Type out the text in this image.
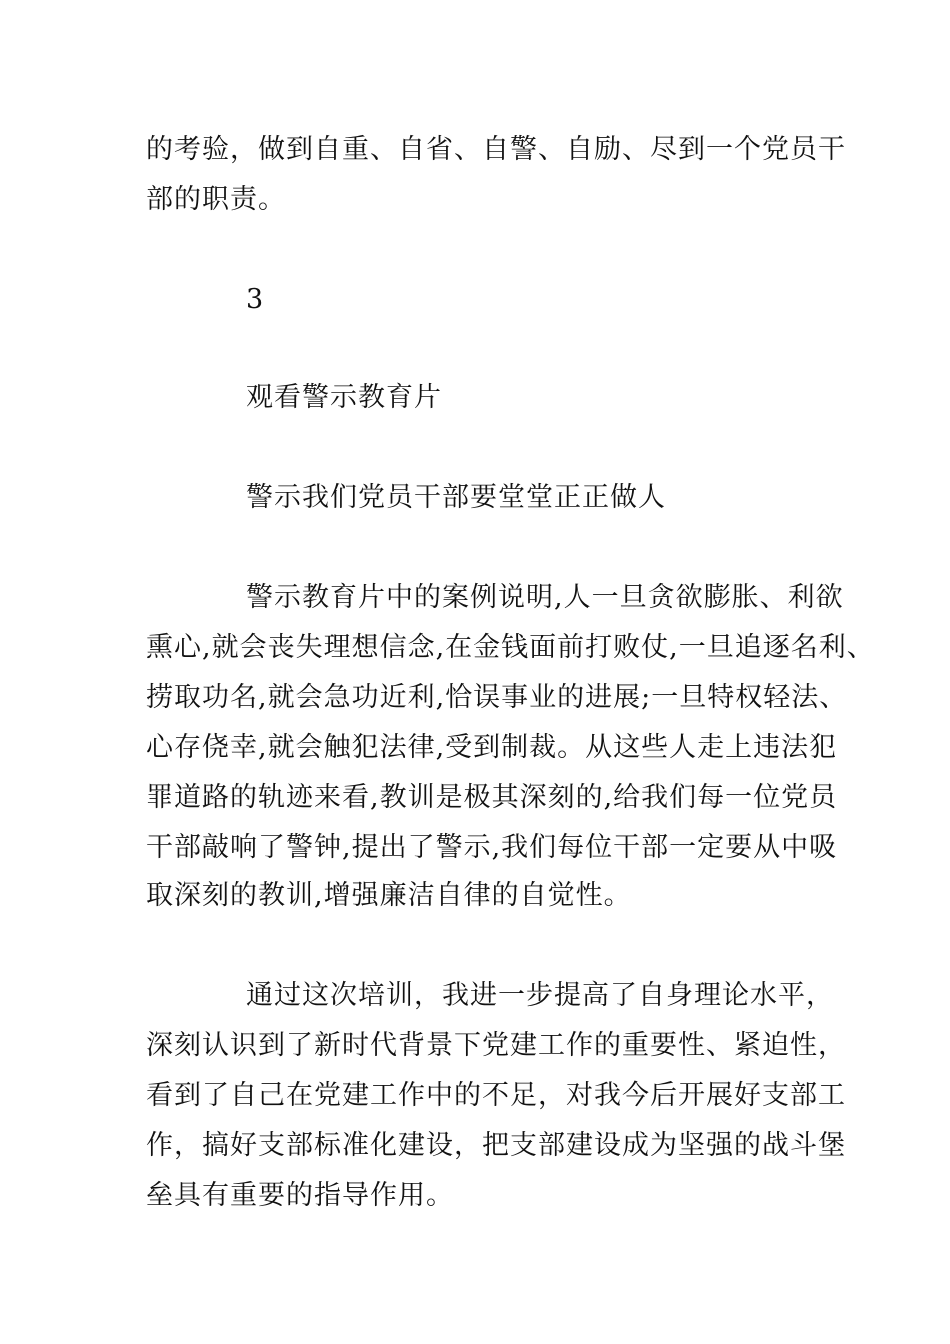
的考验，做到自重、自省、自警、自励、尽到一个党员干
部的职责。
3
观看警示教育片
警示我们党员干部要堂堂正正做人
警示教育片中的案例说明,人一旦贪欲膨胀、利欲
熏心,就会丧失理想信念,在金钱面前打败仗,一旦追逐名利、
捞取功名,就会急功近利,恰误事业的进展;一旦特权轻法、
心存侥幸,就会触犯法律,受到制裁。从这些人走上违法犯
罪道路的轨迹来看,教训是极其深刻的,给我们每一位党员
干部敲响了警钟,提出了警示,我们每位干部一定要从中吸
取深刻的教训,增强廉洁自律的自觉性。
通过这次培训，我进一步提高了自身理论水平，
深刻认识到了新时代背景下党建工作的重要性、紧迫性，
看到了自己在党建工作中的不足，对我今后开展好支部工
作，搞好支部标准化建设，把支部建设成为坚强的战斗堡
垒具有重要的指导作用。
